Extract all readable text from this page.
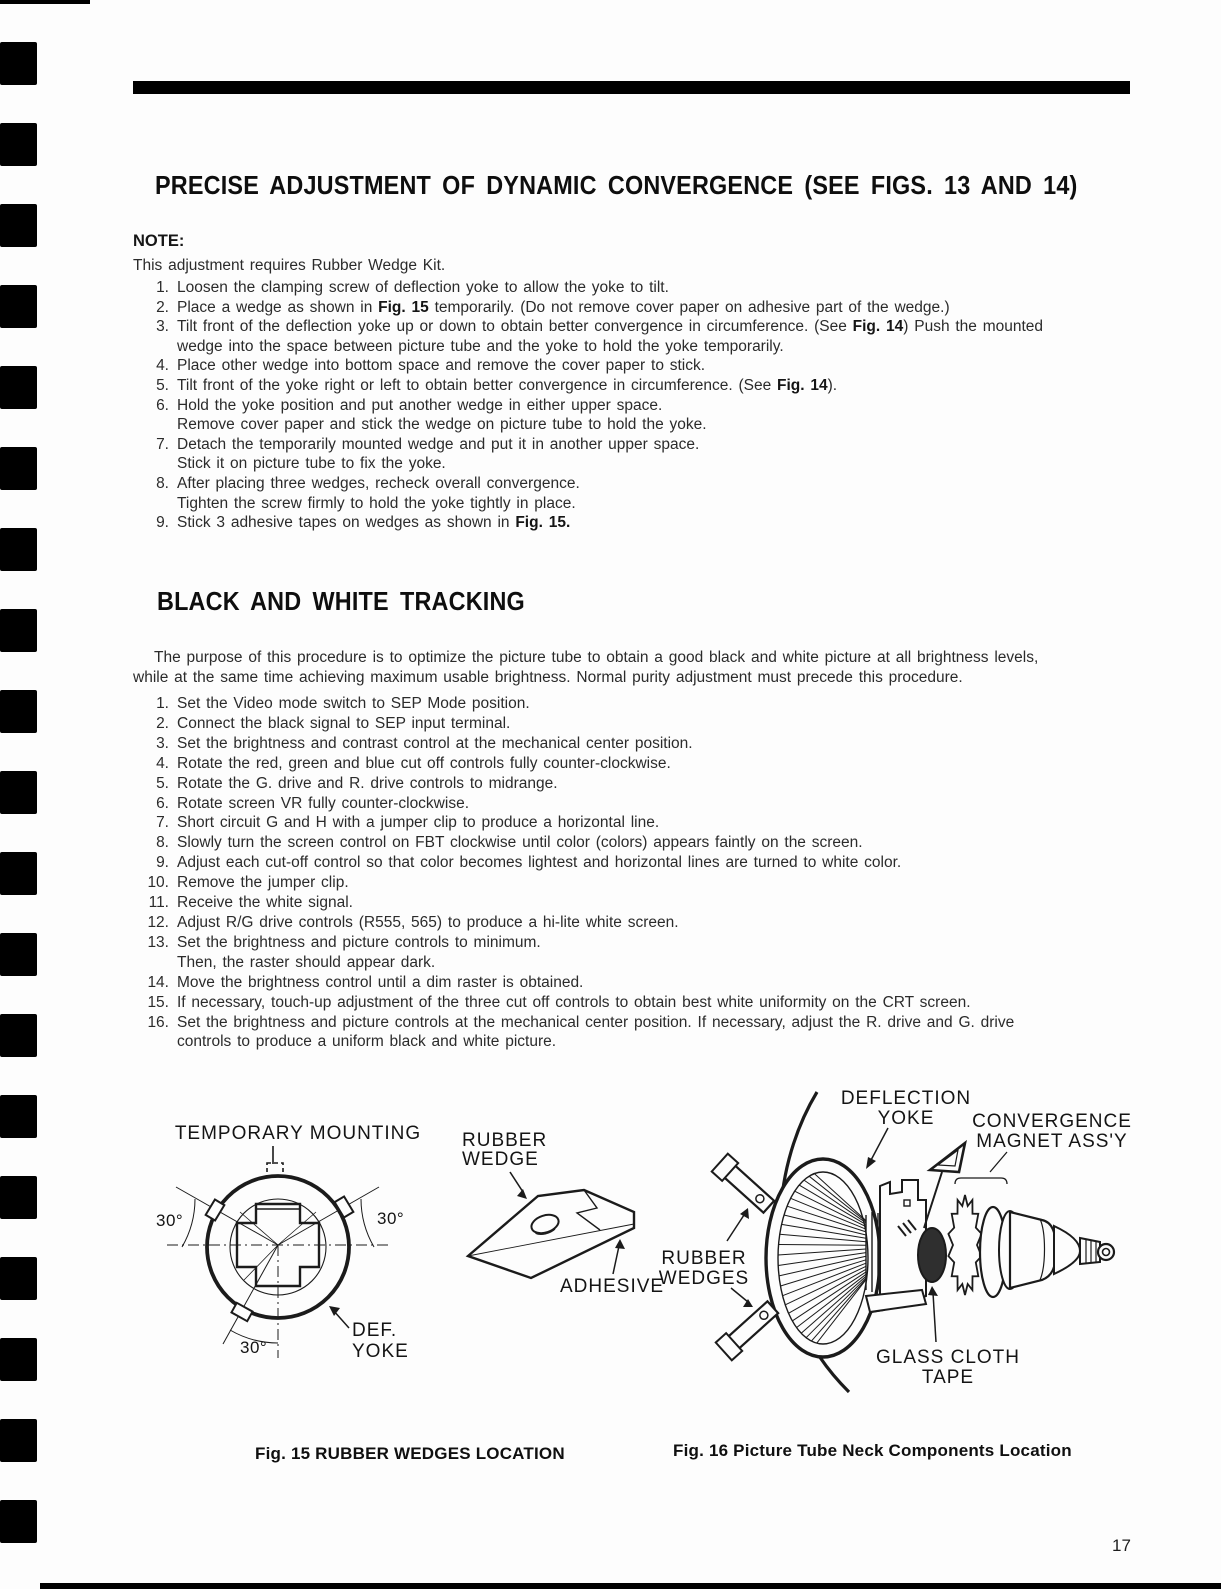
PRECISE ADJUSTMENT OF DYNAMIC CONVERGENCE (SEE FIGS. 13 AND 14)
NOTE:
This adjustment requires Rubber Wedge Kit.
1. Loosen the clamping screw of deflection yoke to allow the yoke to tilt.
2. Place a wedge as shown in Fig. 15 temporarily. (Do not remove cover paper on adhesive part of the wedge.)
3. Tilt front of the deflection yoke up or down to obtain better convergence in circumference. (See Fig. 14) Push the mounted
wedge into the space between picture tube and the yoke to hold the yoke temporarily.
4. Place other wedge into bottom space and remove the cover paper to stick.
5. Tilt front of the yoke right or left to obtain better convergence in circumference. (See Fig. 14).
6. Hold the yoke position and put another wedge in either upper space.
Remove cover paper and stick the wedge on picture tube to hold the yoke.
7. Detach the temporarily mounted wedge and put it in another upper space.
Stick it on picture tube to fix the yoke.
8. After placing three wedges, recheck overall convergence.
Tighten the screw firmly to hold the yoke tightly in place.
9. Stick 3 adhesive tapes on wedges as shown in Fig. 15.
BLACK AND WHITE TRACKING
The purpose of this procedure is to optimize the picture tube to obtain a good black and white picture at all brightness levels,
while at the same time achieving maximum usable brightness. Normal purity adjustment must precede this procedure.
1. Set the Video mode switch to SEP Mode position.
2. Connect the black signal to SEP input terminal.
3. Set the brightness and contrast control at the mechanical center position.
4. Rotate the red, green and blue cut off controls fully counter-clockwise.
5. Rotate the G. drive and R. drive controls to midrange.
6. Rotate screen VR fully counter-clockwise.
7. Short circuit G and H with a jumper clip to produce a horizontal line.
8. Slowly turn the screen control on FBT clockwise until color (colors) appears faintly on the screen.
9. Adjust each cut-off control so that color becomes lightest and horizontal lines are turned to white color.
10. Remove the jumper clip.
11. Receive the white signal.
12. Adjust R/G drive controls (R555, 565) to produce a hi-lite white screen.
13. Set the brightness and picture controls to minimum.
Then, the raster should appear dark.
14. Move the brightness control until a dim raster is obtained.
15. If necessary, touch-up adjustment of the three cut off controls to obtain best white uniformity on the CRT screen.
16. Set the brightness and picture controls at the mechanical center position. If necessary, adjust the R. drive and G. drive
controls to produce a uniform black and white picture.
TEMPORARY MOUNTING
30°	30°
30°
DEF.
YOKE
RUBBER
WEDGE
ADHESIVE
DEFLECTION
YOKE CONVERGENCE
MAGNET ASS'Y
RUBBER
WEDGES
GLASS CLOTH
TAPE
Fig. 15 RUBBER WEDGES LOCATION	Fig. 16 Picture Tube Neck Components Location
17
